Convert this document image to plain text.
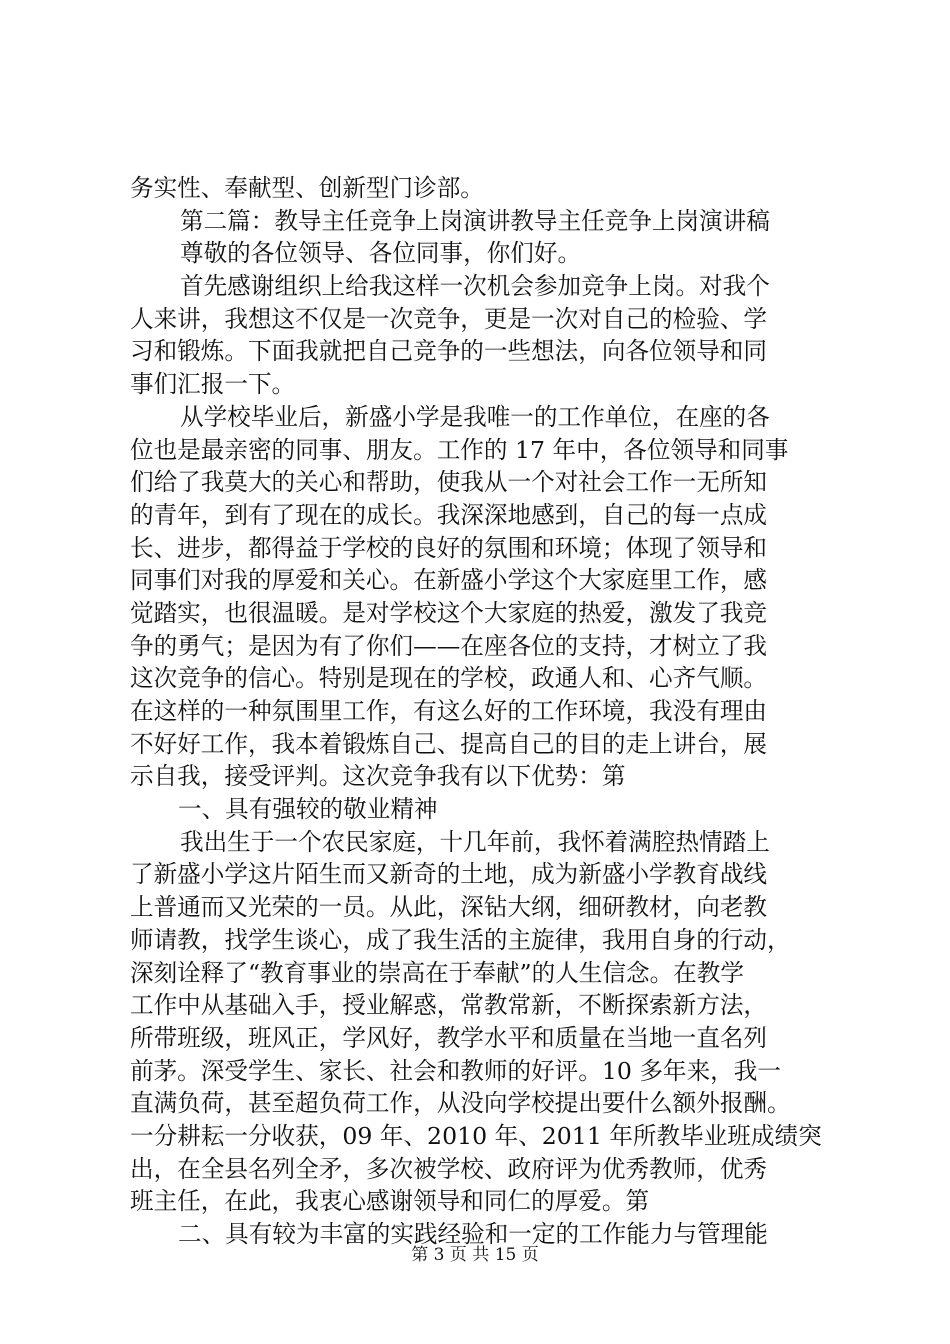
务实性、奉献型、创新型门诊部。
第二篇：教导主任竞争上岗演讲教导主任竞争上岗演讲稿
尊敬的各位领导、各位同事，你们好。
首先感谢组织上给我这样一次机会参加竞争上岗。对我个
人来讲，我想这不仅是一次竞争，更是一次对自己的检验、学
习和锻炼。下面我就把自己竞争的一些想法，向各位领导和同
事们汇报一下。
从学校毕业后，新盛小学是我唯一的工作单位，在座的各
位也是最亲密的同事、朋友。工作的 17 年中，各位领导和同事
们给了我莫大的关心和帮助，使我从一个对社会工作一无所知
的青年，到有了现在的成长。我深深地感到，自己的每一点成
长、进步，都得益于学校的良好的氛围和环境；体现了领导和
同事们对我的厚爱和关心。在新盛小学这个大家庭里工作，感
觉踏实，也很温暖。是对学校这个大家庭的热爱，激发了我竞
争的勇气；是因为有了你们——在座各位的支持，才树立了我
这次竞争的信心。特别是现在的学校，政通人和、心齐气顺。
在这样的一种氛围里工作，有这么好的工作环境，我没有理由
不好好工作，我本着锻炼自己、提高自己的目的走上讲台，展
示自我，接受评判。这次竞争我有以下优势：第
一、具有强较的敬业精神
我出生于一个农民家庭，十几年前，我怀着满腔热情踏上
了新盛小学这片陌生而又新奇的土地，成为新盛小学教育战线
上普通而又光荣的一员。从此，深钻大纲，细研教材，向老教
师请教，找学生谈心，成了我生活的主旋律，我用自身的行动，
深刻诠释了“教育事业的崇高在于奉献”的人生信念。在教学
工作中从基础入手，授业解惑，常教常新，不断探索新方法，
所带班级，班风正，学风好，教学水平和质量在当地一直名列
前茅。深受学生、家长、社会和教师的好评。10 多年来，我一
直满负荷，甚至超负荷工作，从没向学校提出要什么额外报酬。
一分耕耘一分收获，09 年、2010 年、2011 年所教毕业班成绩突
出，在全县名列全矛，多次被学校、政府评为优秀教师，优秀
班主任，在此，我衷心感谢领导和同仁的厚爱。第
二、具有较为丰富的实践经验和一定的工作能力与管理能
第 3 页 共 15 页
